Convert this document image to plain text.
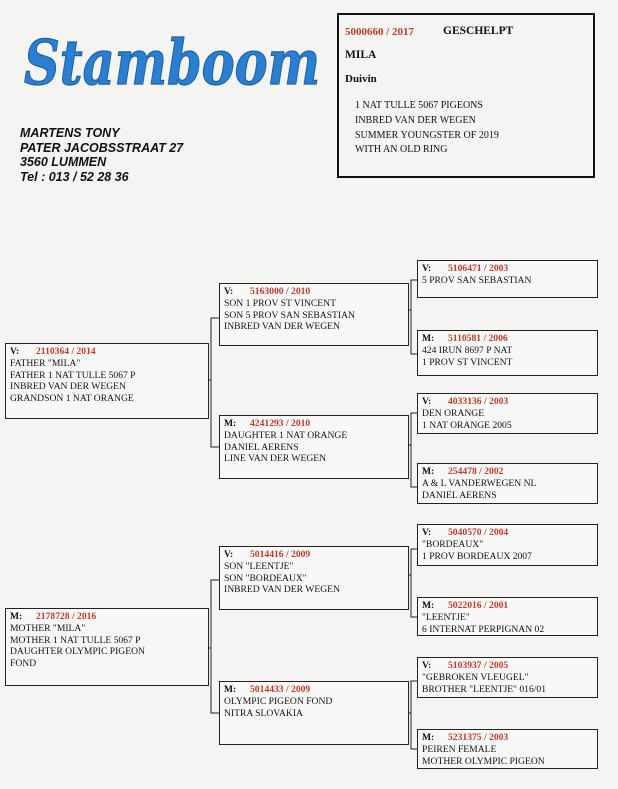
Stamboom
MARTENS TONY
PATER JACOBSSTRAAT 27
3560 LUMMEN
Tel : 013 / 52 28 36
5000660 / 2017	GESCHELPT
MILA
Duivin
1 NAT TULLE 5067 PIGEONS
INBRED VAN DER WEGEN
SUMMER YOUNGSTER OF 2019
WITH AN OLD RING
V: 2110364 / 2014
FATHER "MILA"
FATHER 1 NAT TULLE 5067 P
INBRED VAN DER WEGEN
GRANDSON 1 NAT ORANGE
M: 2178728 / 2016
MOTHER "MILA"
MOTHER 1 NAT TULLE 5067 P
DAUGHTER OLYMPIC PIGEON
FOND
V: 5163000 / 2010
SON 1 PROV ST VINCENT
SON 5 PROV SAN SEBASTIAN
INBRED VAN DER WEGEN
M: 4241293 / 2010
DAUGHTER 1 NAT ORANGE
DANIEL AERENS
LINE VAN DER WEGEN
V: 5014416 / 2009
SON "LEENTJE"
SON "BORDEAUX"
INBRED VAN DER WEGEN
M: 5014433 / 2009
OLYMPIC PIGEON FOND
NITRA SLOVAKIA
V: 5106471 / 2003
5 PROV SAN SEBASTIAN
M: 5110581 / 2006
424 IRUN 8697 P NAT
1 PROV ST VINCENT
V: 4033136 / 2003
DEN ORANGE
1 NAT ORANGE 2005
M: 254478 / 2002
A & L VANDERWEGEN NL
DANIEL AERENS
V: 5040570 / 2004
"BORDEAUX"
1 PROV BORDEAUX 2007
M: 5022016 / 2001
"LEENTJE"
6 INTERNAT PERPIGNAN 02
V: 5103937 / 2005
"GEBROKEN VLEUGEL"
BROTHER "LEENTJE" 016/01
M: 5231375 / 2003
PEIREN FEMALE
MOTHER OLYMPIC PIGEON
